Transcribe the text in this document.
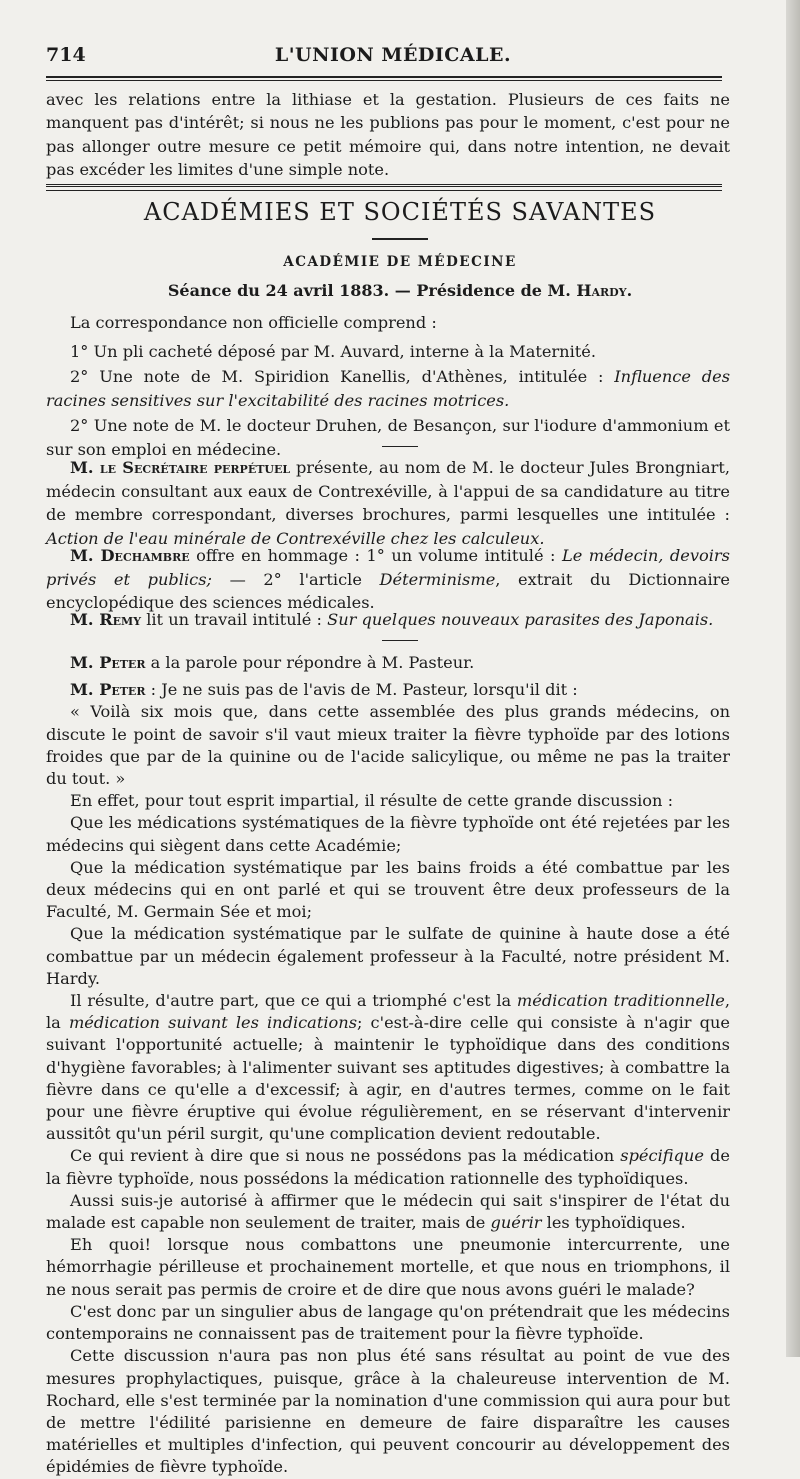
714	L'UNION MÉDICALE.

avec les relations entre la lithiase et la gestation. Plusieurs de ces faits ne manquent pas d'intérêt; si nous ne les publions pas pour le moment, c'est pour ne pas allonger outre mesure ce petit mémoire qui, dans notre intention, ne devait pas excéder les limites d'une simple note.

ACADÉMIES ET SOCIÉTÉS SAVANTES
ACADÉMIE DE MÉDECINE
Séance du 24 avril 1883. — Présidence de M. Hardy.

La correspondance non officielle comprend :

1° Un pli cacheté déposé par M. Auvard, interne à la Maternité.

2° Une note de M. Spiridion Kanellis, d'Athènes, intitulée : Influence des racines sensitives sur l'excitabilité des racines motrices.

2° Une note de M. le docteur Druhen, de Besançon, sur l'iodure d'ammonium et sur son emploi en médecine.

M. le Secrétaire perpétuel présente, au nom de M. le docteur Jules Brongniart, médecin consultant aux eaux de Contrexéville, à l'appui de sa candidature au titre de membre correspondant, diverses brochures, parmi lesquelles une intitulée : Action de l'eau minérale de Contrexéville chez les calculeux.

M. Dechambre offre en hommage : 1° un volume intitulé : Le médecin, devoirs privés et publics; — 2° l'article Déterminisme, extrait du Dictionnaire encyclopédique des sciences médicales.

M. Remy lit un travail intitulé : Sur quelques nouveaux parasites des Japonais.

M. Peter a la parole pour répondre à M. Pasteur.

M. Peter : Je ne suis pas de l'avis de M. Pasteur, lorsqu'il dit :

« Voilà six mois que, dans cette assemblée des plus grands médecins, on discute le point de savoir s'il vaut mieux traiter la fièvre typhoïde par des lotions froides que par de la quinine ou de l'acide salicylique, ou même ne pas la traiter du tout. »

En effet, pour tout esprit impartial, il résulte de cette grande discussion :

Que les médications systématiques de la fièvre typhoïde ont été rejetées par les médecins qui siègent dans cette Académie;

Que la médication systématique par les bains froids a été combattue par les deux médecins qui en ont parlé et qui se trouvent être deux professeurs de la Faculté, M. Germain Sée et moi;

Que la médication systématique par le sulfate de quinine à haute dose a été combattue par un médecin également professeur à la Faculté, notre président M. Hardy.

Il résulte, d'autre part, que ce qui a triomphé c'est la médication traditionnelle, la médication suivant les indications; c'est-à-dire celle qui consiste à n'agir que suivant l'opportunité actuelle; à maintenir le typhoïdique dans des conditions d'hygiène favorables; à l'alimenter suivant ses aptitudes digestives; à combattre la fièvre dans ce qu'elle a d'excessif; à agir, en d'autres termes, comme on le fait pour une fièvre éruptive qui évolue régulièrement, en se réservant d'intervenir aussitôt qu'un péril surgit, qu'une complication devient redoutable.

Ce qui revient à dire que si nous ne possédons pas la médication spécifique de la fièvre typhoïde, nous possédons la médication rationnelle des typhoïdiques.

Aussi suis-je autorisé à affirmer que le médecin qui sait s'inspirer de l'état du malade est capable non seulement de traiter, mais de guérir les typhoïdiques.

Eh quoi! lorsque nous combattons une pneumonie intercurrente, une hémorrhagie périlleuse et prochainement mortelle, et que nous en triomphons, il ne nous serait pas permis de croire et de dire que nous avons guéri le malade?

C'est donc par un singulier abus de langage qu'on prétendrait que les médecins contemporains ne connaissent pas de traitement pour la fièvre typhoïde.

Cette discussion n'aura pas non plus été sans résultat au point de vue des mesures prophylactiques, puisque, grâce à la chaleureuse intervention de M. Rochard, elle s'est terminée par la nomination d'une commission qui aura pour but de mettre l'édilité parisienne en demeure de faire disparaître les causes matérielles et multiples d'infection, qui peuvent concourir au développement des épidémies de fièvre typhoïde.
